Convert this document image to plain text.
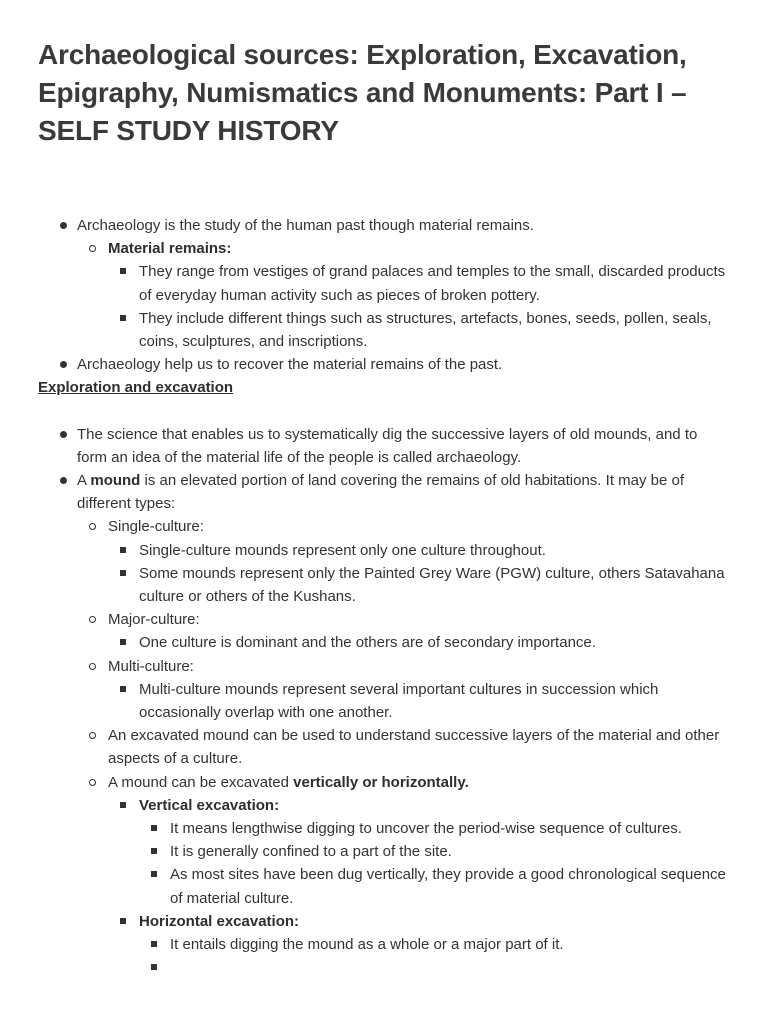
Archaeological sources: Exploration, Excavation, Epigraphy, Numismatics and Monuments: Part I – SELF STUDY HISTORY
Archaeology is the study of the human past though material remains.
Material remains:
They range from vestiges of grand palaces and temples to the small, discarded products of everyday human activity such as pieces of broken pottery.
They include different things such as structures, artefacts, bones, seeds, pollen, seals, coins, sculptures, and inscriptions.
Archaeology help us to recover the material remains of the past.

Exploration and excavation

The science that enables us to systematically dig the successive layers of old mounds, and to form an idea of the material life of the people is called archaeology.
A mound is an elevated portion of land covering the remains of old habitations. It may be of different types:
Single-culture:
Single-culture mounds represent only one culture throughout.
Some mounds represent only the Painted Grey Ware (PGW) culture, others Satavahana culture or others of the Kushans.
Major-culture:
One culture is dominant and the others are of secondary importance.
Multi-culture:
Multi-culture mounds represent several important cultures in succession which occasionally overlap with one another.
An excavated mound can be used to understand successive layers of the material and other aspects of a culture.
A mound can be excavated vertically or horizontally.
Vertical excavation:
It means lengthwise digging to uncover the period-wise sequence of cultures.
It is generally confined to a part of the site.
As most sites have been dug vertically, they provide a good chronological sequence of material culture.
Horizontal excavation:
It entails digging the mound as a whole or a major part of it.
